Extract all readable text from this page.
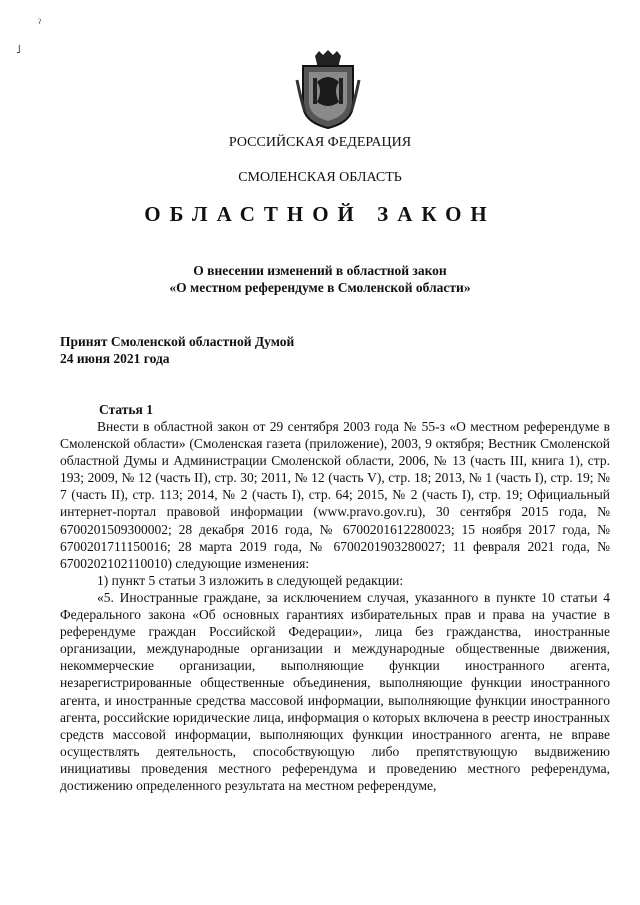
ˀ
˩
РОССИЙСКАЯ ФЕДЕРАЦИЯ
СМОЛЕНСКАЯ ОБЛАСТЬ
ОБЛАСТНОЙ ЗАКОН
О внесении изменений в областной закон
«О местном референдуме в Смоленской области»
Принят Смоленской областной Думой
24 июня 2021 года
Статья 1

Внести в областной закон от 29 сентября 2003 года № 55-з «О местном референдуме в Смоленской области» (Смоленская газета (приложение), 2003, 9 октября; Вестник Смоленской областной Думы и Администрации Смоленской области, 2006, № 13 (часть III, книга 1), стр. 193; 2009, № 12 (часть II), стр. 30; 2011, № 12 (часть V), стр. 18; 2013, № 1 (часть I), стр. 19; № 7 (часть II), стр. 113; 2014, № 2 (часть I), стр. 64; 2015, № 2 (часть I), стр. 19; Официальный интернет-портал правовой информации (www.pravo.gov.ru), 30 сентября 2015 года, № 6700201509300002; 28 декабря 2016 года, № 6700201612280023; 15 ноября 2017 года, № 6700201711150016; 28 марта 2019 года, № 6700201903280027; 11 февраля 2021 года, № 6700202102110010) следующие изменения:

1) пункт 5 статьи 3 изложить в следующей редакции:

«5. Иностранные граждане, за исключением случая, указанного в пункте 10 статьи 4 Федерального закона «Об основных гарантиях избирательных прав и права на участие в референдуме граждан Российской Федерации», лица без гражданства, иностранные организации, международные организации и международные общественные движения, некоммерческие организации, выполняющие функции иностранного агента, незарегистрированные общественные объединения, выполняющие функции иностранного агента, и иностранные средства массовой информации, выполняющие функции иностранного агента, российские юридические лица, информация о которых включена в реестр иностранных средств массовой информации, выполняющих функции иностранного агента, не вправе осуществлять деятельность, способствующую либо препятствующую выдвижению инициативы проведения местного референдума и проведению местного референдума, достижению определенного результата на местном референдуме,
